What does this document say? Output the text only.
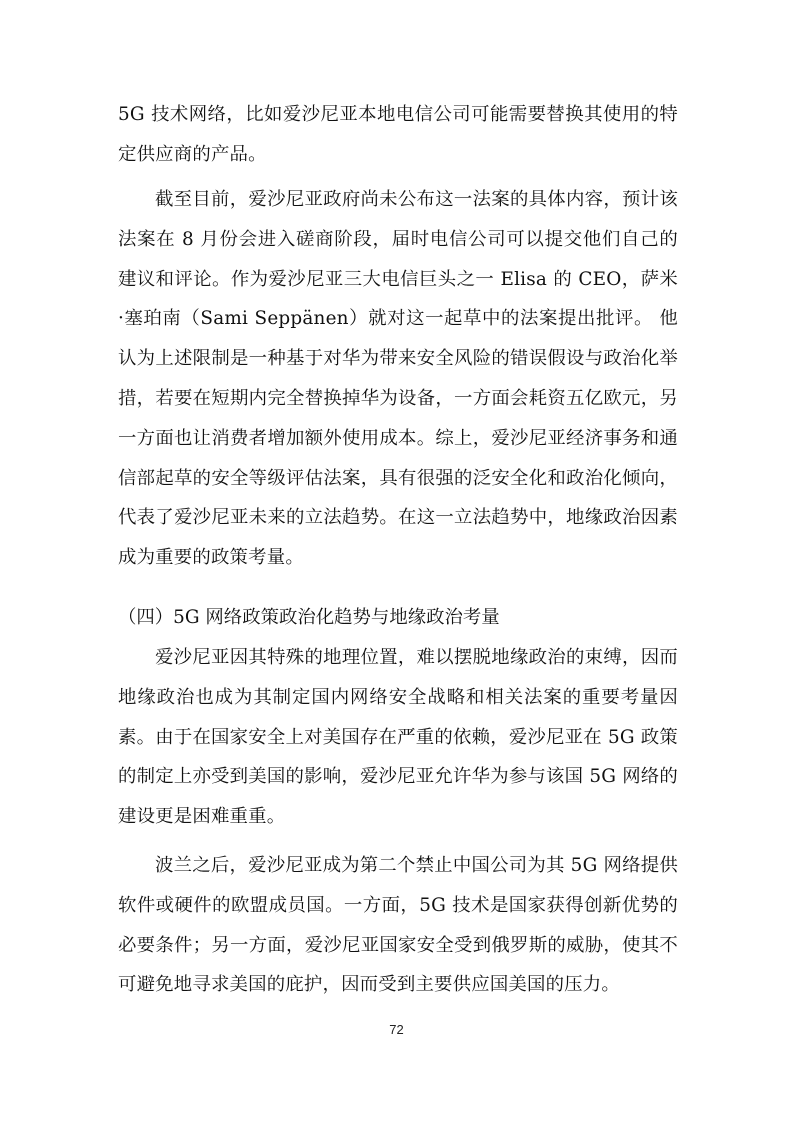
5G 技术网络，比如爱沙尼亚本地电信公司可能需要替换其使用的特定供应商的产品。

截至目前，爱沙尼亚政府尚未公布这一法案的具体内容，预计该法案在 8 月份会进入磋商阶段，届时电信公司可以提交他们自己的建议和评论。作为爱沙尼亚三大电信巨头之一 Elisa 的 CEO，萨米·塞珀南（Sami Seppänen）就对这一起草中的法案提出批评。 他认为上述限制是一种基于对华为带来安全风险的错误假设与政治化举措，若要在短期内完全替换掉华为设备，一方面会耗资五亿欧元，另一方面也让消费者增加额外使用成本。综上，爱沙尼亚经济事务和通信部起草的安全等级评估法案，具有很强的泛安全化和政治化倾向，代表了爱沙尼亚未来的立法趋势。在这一立法趋势中，地缘政治因素成为重要的政策考量。

（四）5G 网络政策政治化趋势与地缘政治考量

爱沙尼亚因其特殊的地理位置，难以摆脱地缘政治的束缚，因而地缘政治也成为其制定国内网络安全战略和相关法案的重要考量因素。由于在国家安全上对美国存在严重的依赖，爱沙尼亚在 5G 政策的制定上亦受到美国的影响，爱沙尼亚允许华为参与该国 5G 网络的建设更是困难重重。

波兰之后，爱沙尼亚成为第二个禁止中国公司为其 5G 网络提供软件或硬件的欧盟成员国。一方面，5G 技术是国家获得创新优势的必要条件；另一方面，爱沙尼亚国家安全受到俄罗斯的威胁，使其不可避免地寻求美国的庇护，因而受到主要供应国美国的压力。

72
